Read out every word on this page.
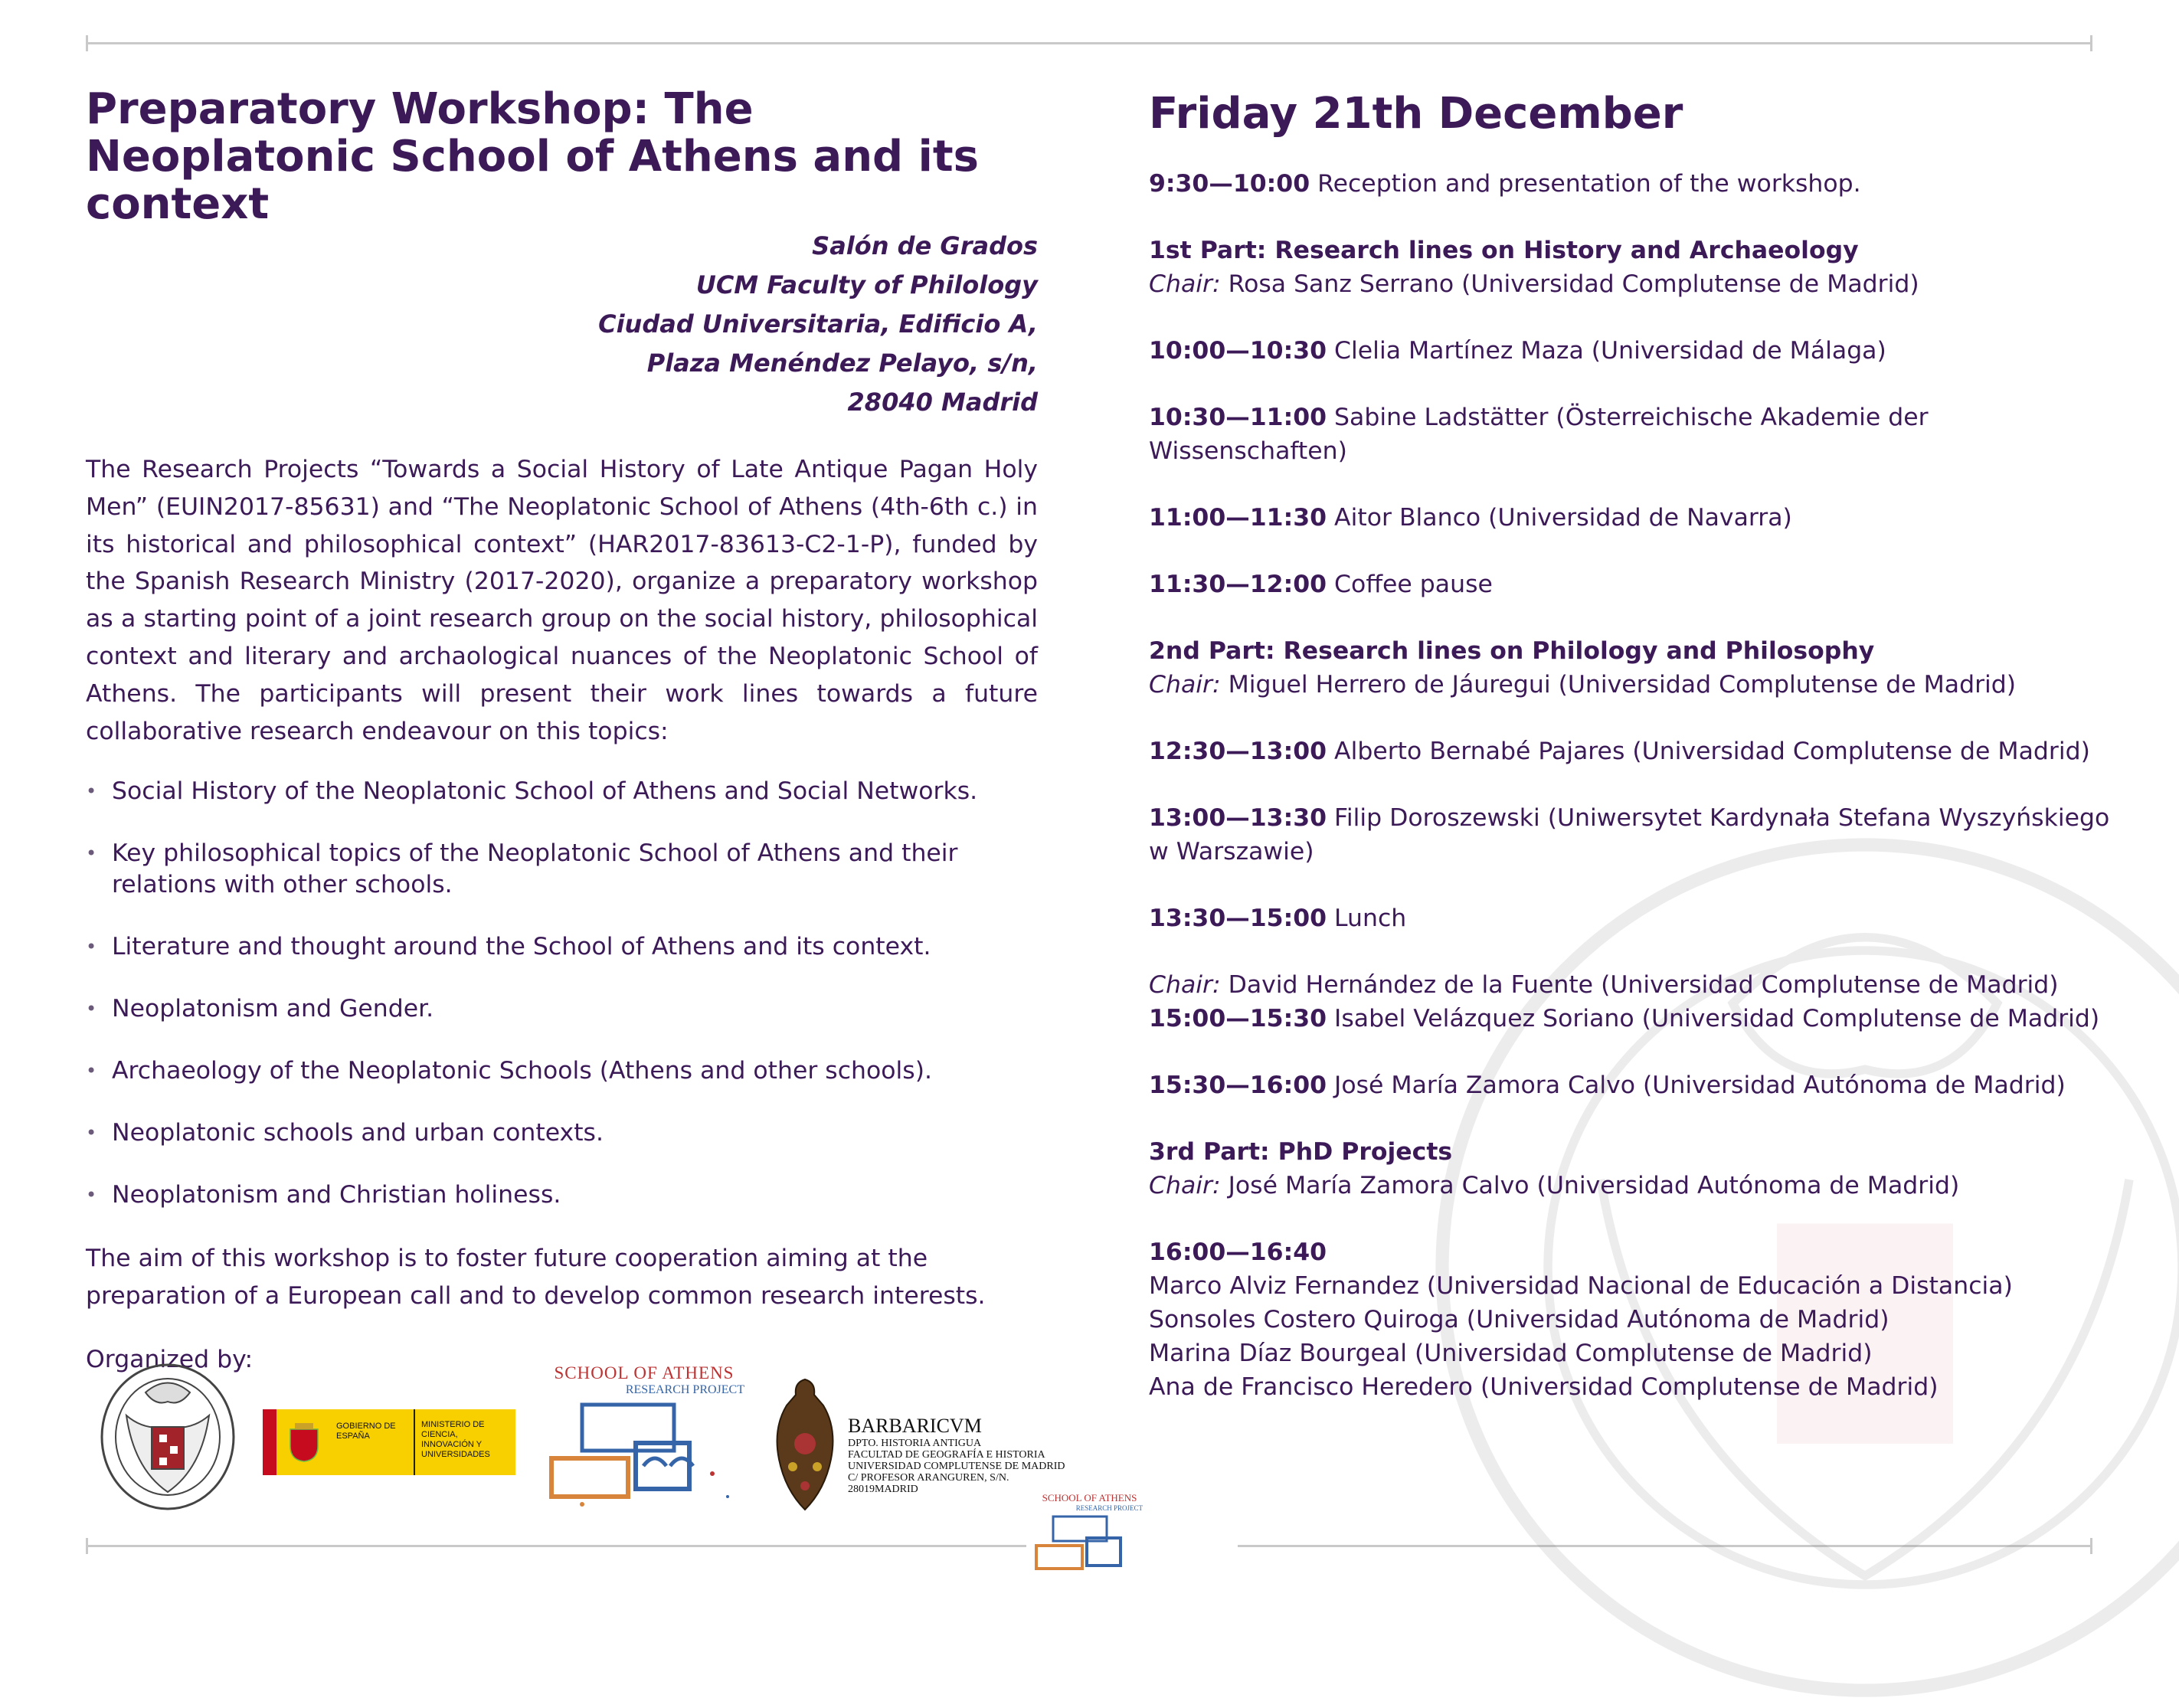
Preparatory Workshop: The Neoplatonic School of Athens and its context
Salón de Grados
UCM Faculty of Philology
Ciudad Universitaria, Edificio A,
Plaza Menéndez Pelayo, s/n,
28040 Madrid

The Research Projects “Towards a Social History of Late Antique Pagan Holy Men” (EUIN2017-85631) and “The Neoplatonic School of Athens (4th-6th c.) in its historical and philosophical context” (HAR2017-83613-C2-1-P), funded by the Spanish Research Ministry (2017-2020), organize a preparatory workshop as a starting point of a joint research group on the social history, philosophical context and literary and archaological nuances of the Neoplatonic School of Athens. The participants will present their work lines towards a future collaborative research endeavour on this topics:

• Social History of the Neoplatonic School of Athens and Social Networks.
• Key philosophical topics of the Neoplatonic School of Athens and their relations with other schools.
• Literature and thought around the School of Athens and its context.
• Neoplatonism and Gender.
• Archaeology of the Neoplatonic Schools (Athens and other schools).
• Neoplatonic schools and urban contexts.
• Neoplatonism and Christian holiness.

The aim of this workshop is to foster future cooperation aiming at the preparation of a European call and to develop common research interests.

Organized by:
GOBIERNO DE ESPAÑA
MINISTERIO DE CIENCIA, INNOVACIÓN Y UNIVERSIDADES
SCHOOL OF ATHENS
RESEARCH PROJECT
BARBARICVM
DPTO. HISTORIA ANTIGUA
FACULTAD DE GEOGRAFÍA E HISTORIA
UNIVERSIDAD COMPLUTENSE DE MADRID
C/ PROFESOR ARANGUREN, S/N.
28019MADRID
SCHOOL OF ATHENS
RESEARCH PROJECT
Friday 21th December
9:30—10:00 Reception and presentation of the workshop.
1st Part: Research lines on History and Archaeology
Chair: Rosa Sanz Serrano (Universidad Complutense de Madrid)
10:00—10:30 Clelia Martínez Maza (Universidad de Málaga)
10:30—11:00 Sabine Ladstätter (Österreichische Akademie der Wissenschaften)
11:00—11:30 Aitor Blanco (Universidad de Navarra)
11:30—12:00 Coffee pause
2nd Part: Research lines on Philology and Philosophy
Chair: Miguel Herrero de Jáuregui (Universidad Complutense de Madrid)
12:30—13:00 Alberto Bernabé Pajares (Universidad Complutense de Madrid)
13:00—13:30 Filip Doroszewski (Uniwersytet Kardynała Stefana Wyszyńskiego w Warszawie)
13:30—15:00 Lunch
Chair: David Hernández de la Fuente (Universidad Complutense de Madrid)
15:00—15:30 Isabel Velázquez Soriano (Universidad Complutense de Madrid)
15:30—16:00 José María Zamora Calvo (Universidad Autónoma de Madrid)
3rd Part: PhD Projects
Chair: José María Zamora Calvo (Universidad Autónoma de Madrid)
16:00—16:40
Marco Alviz Fernandez (Universidad Nacional de Educación a Distancia)
Sonsoles Costero Quiroga (Universidad Autónoma de Madrid)
Marina Díaz Bourgeal (Universidad Complutense de Madrid)
Ana de Francisco Heredero (Universidad Complutense de Madrid)
